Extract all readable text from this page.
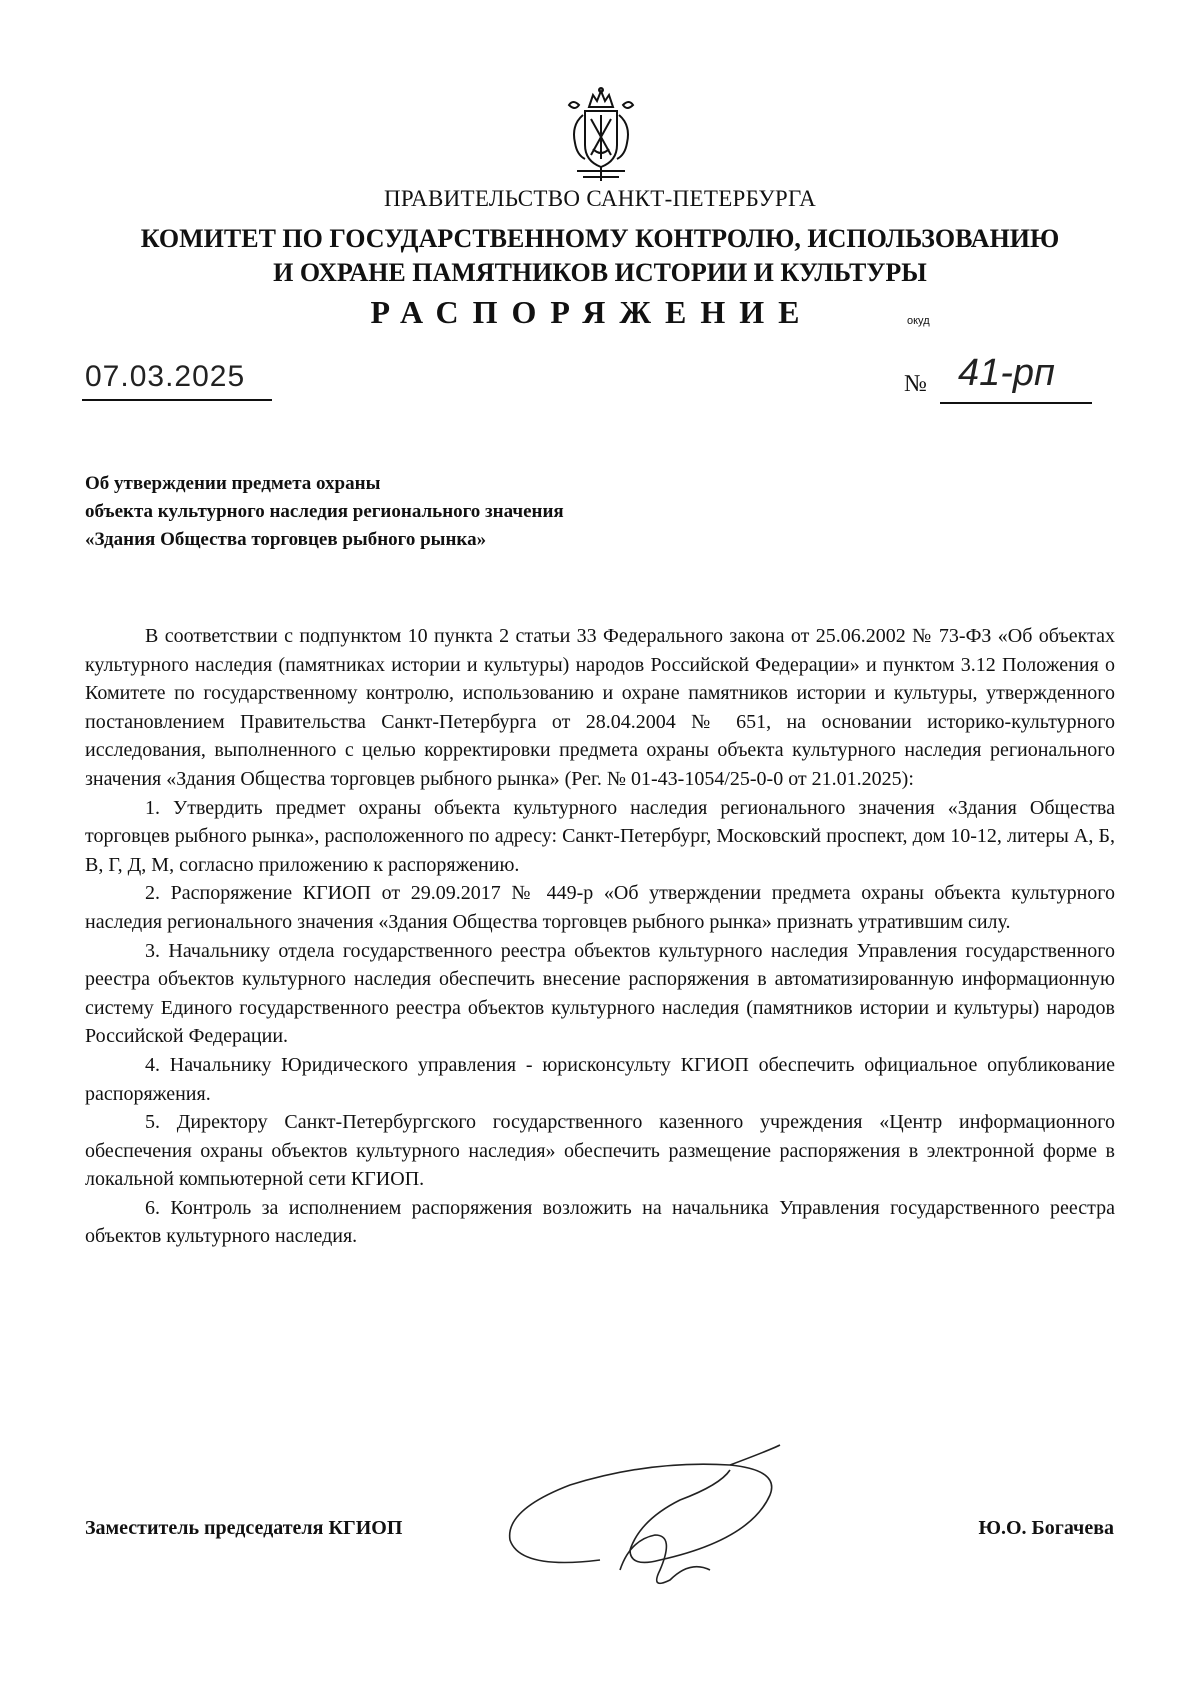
ПРАВИТЕЛЬСТВО САНКТ-ПЕТЕРБУРГА
КОМИТЕТ ПО ГОСУДАРСТВЕННОМУ КОНТРОЛЮ, ИСПОЛЬЗОВАНИЮ
И ОХРАНЕ ПАМЯТНИКОВ ИСТОРИИ И КУЛЬТУРЫ
РАСПОРЯЖЕНИЕ	окуд
07.03.2025	№ 41-рп
Об утверждении предмета охраны
объекта культурного наследия регионального значения
«Здания Общества торговцев рыбного рынка»

В соответствии с подпунктом 10 пункта 2 статьи 33 Федерального закона от 25.06.2002 № 73-ФЗ «Об объектах культурного наследия (памятниках истории и культуры) народов Российской Федерации» и пунктом 3.12 Положения о Комитете по государственному контролю, использованию и охране памятников истории и культуры, утвержденного постановлением Правительства Санкт-Петербурга от 28.04.2004 № 651, на основании историко-культурного исследования, выполненного с целью корректировки предмета охраны объекта культурного наследия регионального значения «Здания Общества торговцев рыбного рынка» (Рег. № 01-43-1054/25-0-0 от 21.01.2025):

1. Утвердить предмет охраны объекта культурного наследия регионального значения «Здания Общества торговцев рыбного рынка», расположенного по адресу: Санкт-Петербург, Московский проспект, дом 10-12, литеры А, Б, В, Г, Д, М, согласно приложению к распоряжению.

2. Распоряжение КГИОП от 29.09.2017 № 449-р «Об утверждении предмета охраны объекта культурного наследия регионального значения «Здания Общества торговцев рыбного рынка» признать утратившим силу.

3. Начальнику отдела государственного реестра объектов культурного наследия Управления государственного реестра объектов культурного наследия обеспечить внесение распоряжения в автоматизированную информационную систему Единого государственного реестра объектов культурного наследия (памятников истории и культуры) народов Российской Федерации.

4. Начальнику Юридического управления - юрисконсульту КГИОП обеспечить официальное опубликование распоряжения.

5. Директору Санкт-Петербургского государственного казенного учреждения «Центр информационного обеспечения охраны объектов культурного наследия» обеспечить размещение распоряжения в электронной форме в локальной компьютерной сети КГИОП.

6. Контроль за исполнением распоряжения возложить на начальника Управления государственного реестра объектов культурного наследия.

Заместитель председателя КГИОП	Ю.О. Богачева
